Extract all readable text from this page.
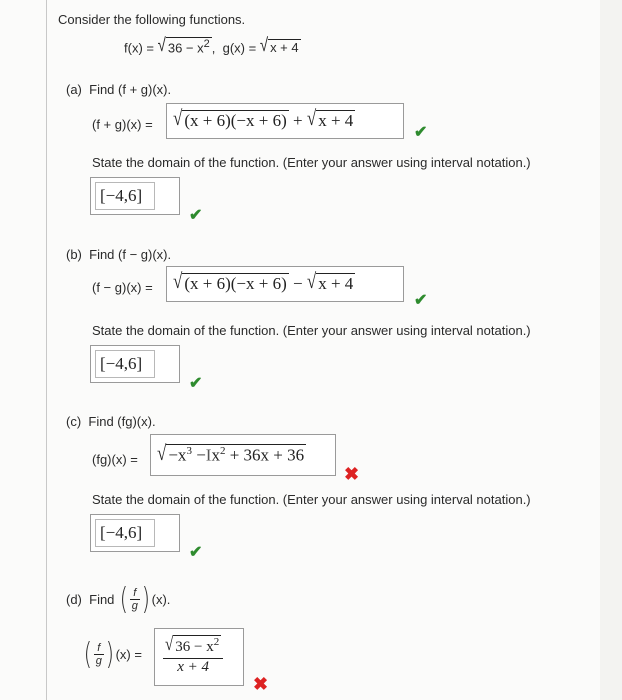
Consider the following functions.
f(x) = √ $36 - x^2$ , g(x) = √ x + 4
(a) Find (f + g)(x).
(f + g)(x) = √ (x + 6)(−x + 6) + √ x + 4
✔
State the domain of the function. (Enter your answer using interval notation.)
[−4,6]
✔
(b) Find (f − g)(x).
(f − g)(x) = √ (x + 6)(−x + 6) − √ x + 4
✔
State the domain of the function. (Enter your answer using interval notation.)
[−4,6]
✔
(c) Find (fg)(x).
(fg)(x) = √ $-x^3 -Ix^2 + 36x + 36$
✖
State the domain of the function. (Enter your answer using interval notation.)
[−4,6]
✔
(d) Find ( $\frac{f}{g}$ ) (x).
( $\frac{f}{g}$ ) $(x) = \frac{√ 36 - x^2}{x + 4}$
✖
